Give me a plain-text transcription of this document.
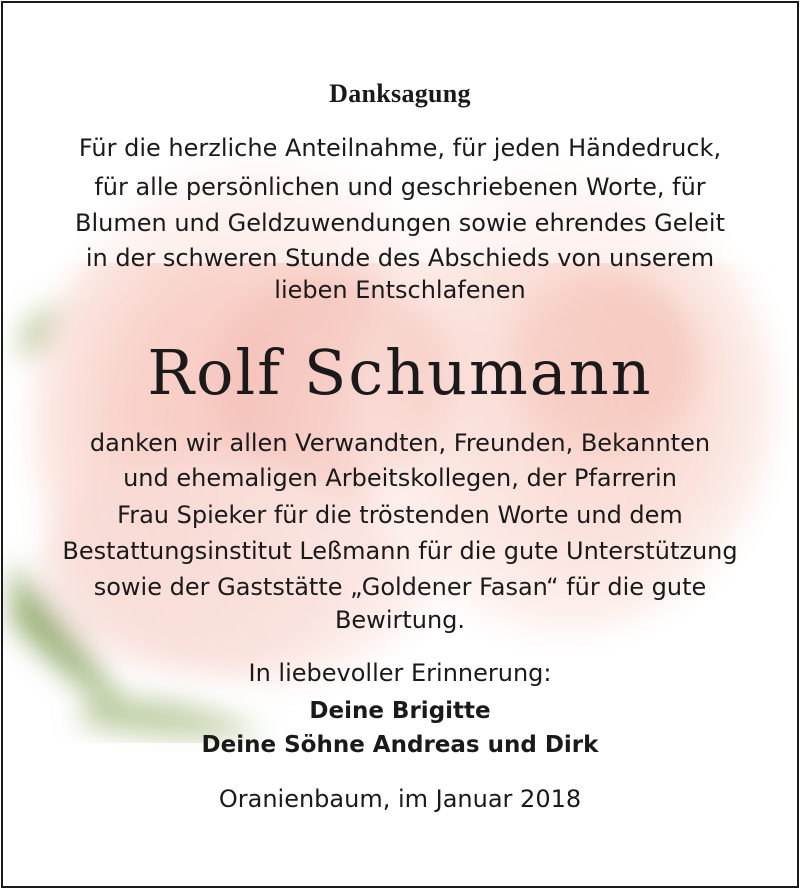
Danksagung
Für die herzliche Anteilnahme, für jeden Händedruck,
für alle persönlichen und geschriebenen Worte, für
Blumen und Geldzuwendungen sowie ehrendes Geleit
in der schweren Stunde des Abschieds von unserem
lieben Entschlafenen
Rolf Schumann
danken wir allen Verwandten, Freunden, Bekannten
und ehemaligen Arbeitskollegen, der Pfarrerin
Frau Spieker für die tröstenden Worte und dem
Bestattungsinstitut Leßmann für die gute Unterstützung
sowie der Gaststätte „Goldener Fasan“ für die gute
Bewirtung.
In liebevoller Erinnerung:
Deine Brigitte
Deine Söhne Andreas und Dirk
Oranienbaum, im Januar 2018
